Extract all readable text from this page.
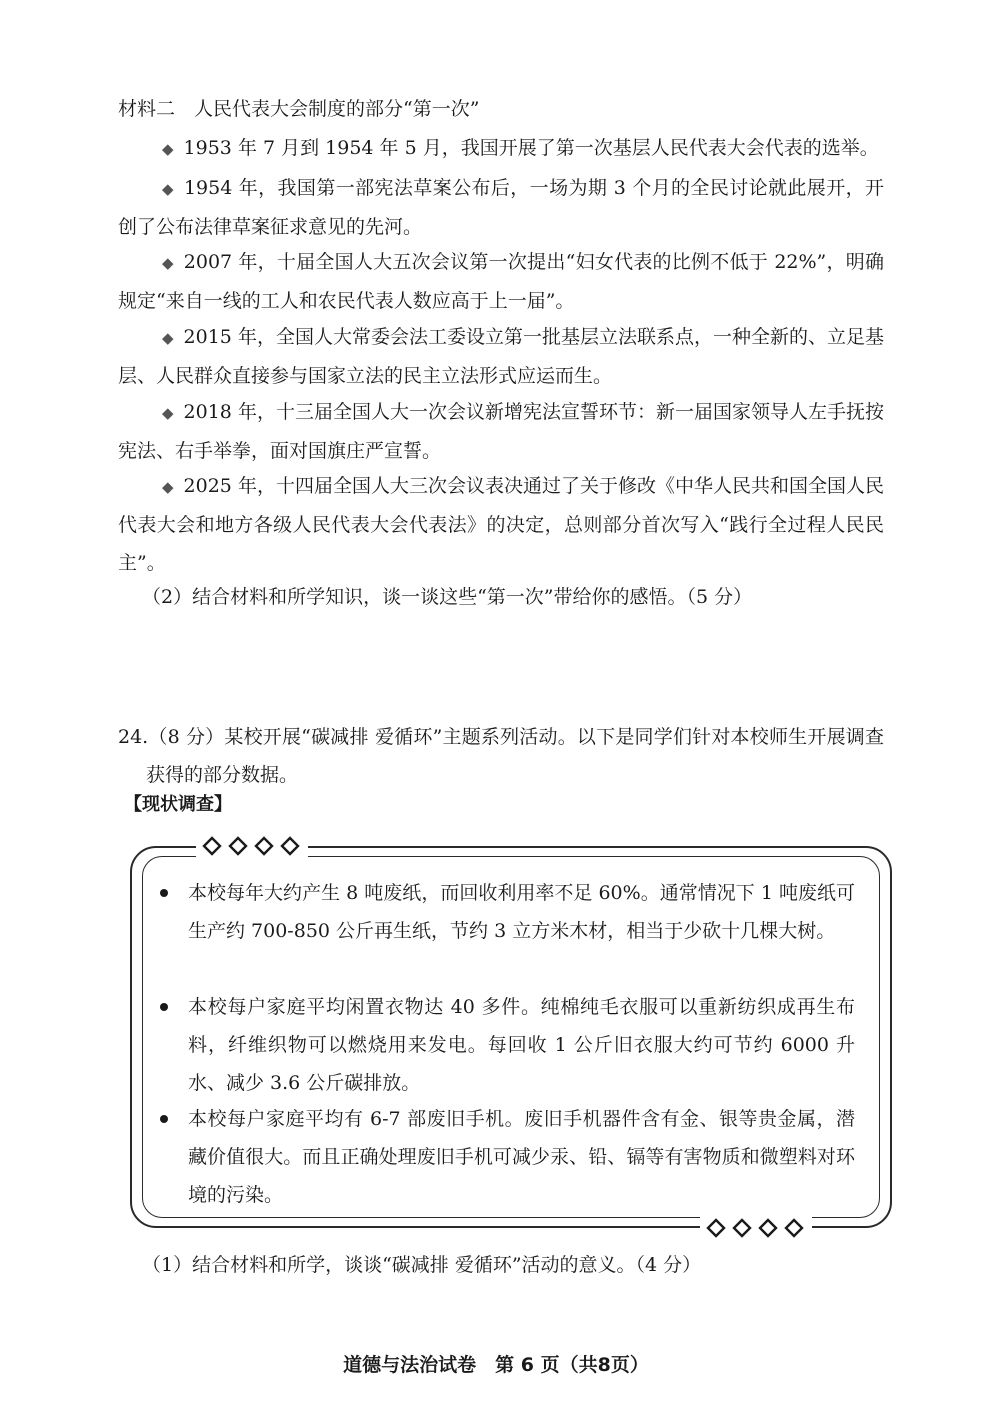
材料二　人民代表大会制度的部分“第一次”
◆ 1953 年 7 月到 1954 年 5 月，我国开展了第一次基层人民代表大会代表的选举。
◆ 1954 年，我国第一部宪法草案公布后，一场为期 3 个月的全民讨论就此展开，开创了公布法律草案征求意见的先河。
◆ 2007 年，十届全国人大五次会议第一次提出“妇女代表的比例不低于 22%”，明确规定“来自一线的工人和农民代表人数应高于上一届”。
◆ 2015 年，全国人大常委会法工委设立第一批基层立法联系点，一种全新的、立足基层、人民群众直接参与国家立法的民主立法形式应运而生。
◆ 2018 年，十三届全国人大一次会议新增宪法宣誓环节：新一届国家领导人左手抚按宪法、右手举拳，面对国旗庄严宣誓。
◆ 2025 年，十四届全国人大三次会议表决通过了关于修改《中华人民共和国全国人民代表大会和地方各级人民代表大会代表法》的决定，总则部分首次写入“践行全过程人民民主”。
（2）结合材料和所学知识，谈一谈这些“第一次”带给你的感悟。（5 分）
24.（8 分）某校开展“碳减排 爱循环”主题系列活动。以下是同学们针对本校师生开展调查获得的部分数据。
【现状调查】
本校每年大约产生 8 吨废纸，而回收利用率不足 60%。通常情况下 1 吨废纸可生产约 700-850 公斤再生纸，节约 3 立方米木材，相当于少砍十几棵大树。
本校每户家庭平均闲置衣物达 40 多件。纯棉纯毛衣服可以重新纺织成再生布料，纤维织物可以燃烧用来发电。每回收 1 公斤旧衣服大约可节约 6000 升水、减少 3.6 公斤碳排放。
本校每户家庭平均有 6-7 部废旧手机。废旧手机器件含有金、银等贵金属，潜藏价值很大。而且正确处理废旧手机可减少汞、铅、镉等有害物质和微塑料对环境的污染。
（1）结合材料和所学，谈谈“碳减排 爱循环”活动的意义。（4 分）
道德与法治试卷　第 6 页（共8页）
